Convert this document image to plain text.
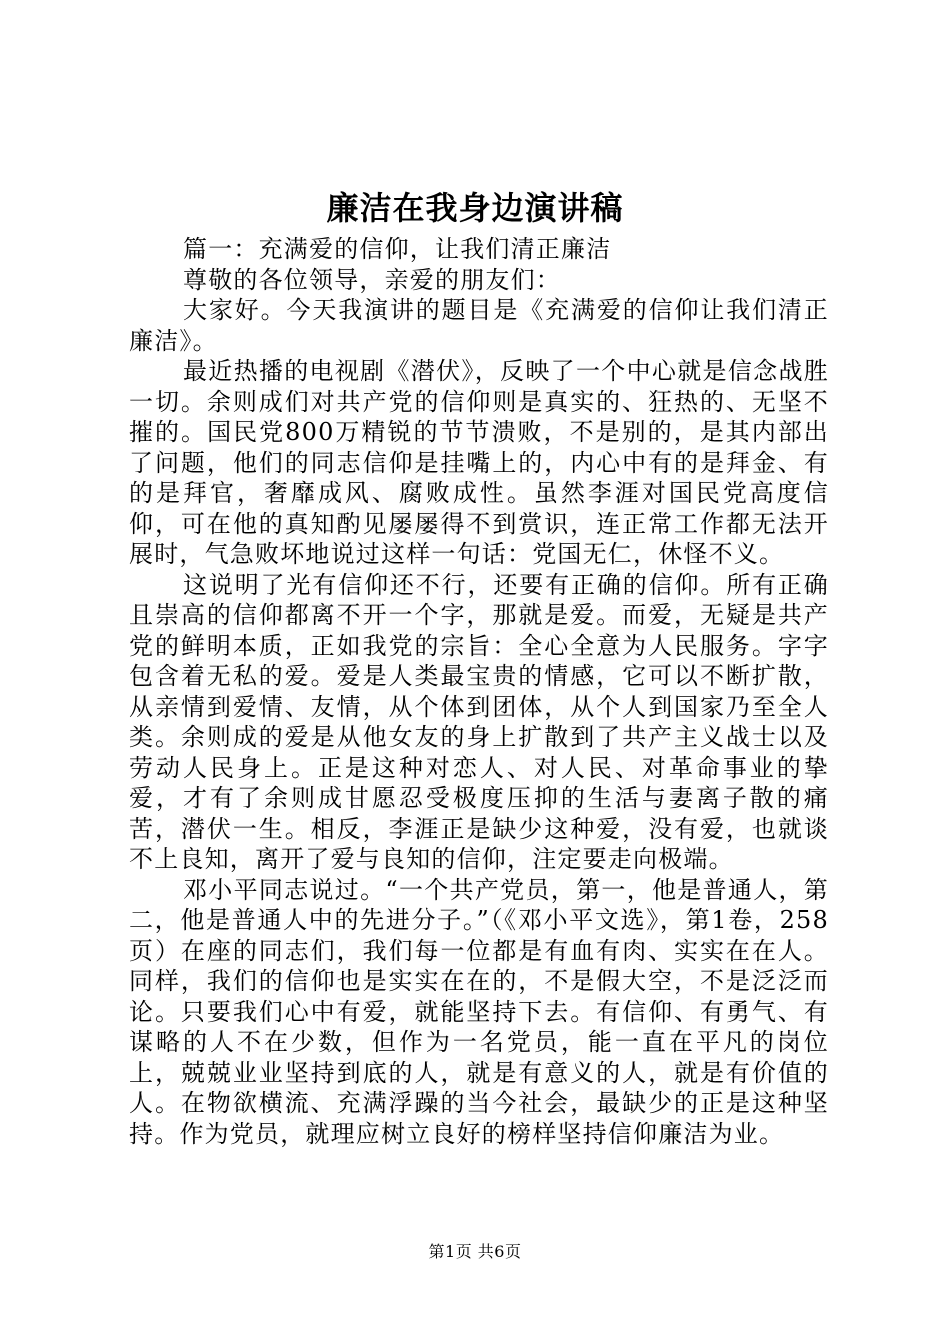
廉洁在我身边演讲稿

篇一：充满爱的信仰，让我们清正廉洁

尊敬的各位领导，亲爱的朋友们：

大家好。今天我演讲的题目是《充满爱的信仰让我们清正廉洁》。

最近热播的电视剧《潜伏》，反映了一个中心就是信念战胜一切。余则成们对共产党的信仰则是真实的、狂热的、无坚不摧的。国民党800万精锐的节节溃败，不是别的，是其内部出了问题，他们的同志信仰是挂嘴上的，内心中有的是拜金、有的是拜官，奢靡成风、腐败成性。虽然李涯对国民党高度信仰，可在他的真知酌见屡屡得不到赏识，连正常工作都无法开展时，气急败坏地说过这样一句话：党国无仁，休怪不义。

这说明了光有信仰还不行，还要有正确的信仰。所有正确且崇高的信仰都离不开一个字，那就是爱。而爱，无疑是共产党的鲜明本质，正如我党的宗旨：全心全意为人民服务。字字包含着无私的爱。爱是人类最宝贵的情感，它可以不断扩散，从亲情到爱情、友情，从个体到团体，从个人到国家乃至全人类。余则成的爱是从他女友的身上扩散到了共产主义战士以及劳动人民身上。正是这种对恋人、对人民、对革命事业的挚爱，才有了余则成甘愿忍受极度压抑的生活与妻离子散的痛苦，潜伏一生。相反，李涯正是缺少这种爱，没有爱，也就谈不上良知，离开了爱与良知的信仰，注定要走向极端。

邓小平同志说过。“一个共产党员，第一，他是普通人，第二，他是普通人中的先进分子。”（《邓小平文选》，第1卷，258页）在座的同志们，我们每一位都是有血有肉、实实在在人。同样，我们的信仰也是实实在在的，不是假大空，不是泛泛而论。只要我们心中有爱，就能坚持下去。有信仰、有勇气、有谋略的人不在少数，但作为一名党员，能一直在平凡的岗位上，兢兢业业坚持到底的人，就是有意义的人，就是有价值的人。在物欲横流、充满浮躁的当今社会，最缺少的正是这种坚持。作为党员，就理应树立良好的榜样坚持信仰廉洁为业。

第1页 共6页
